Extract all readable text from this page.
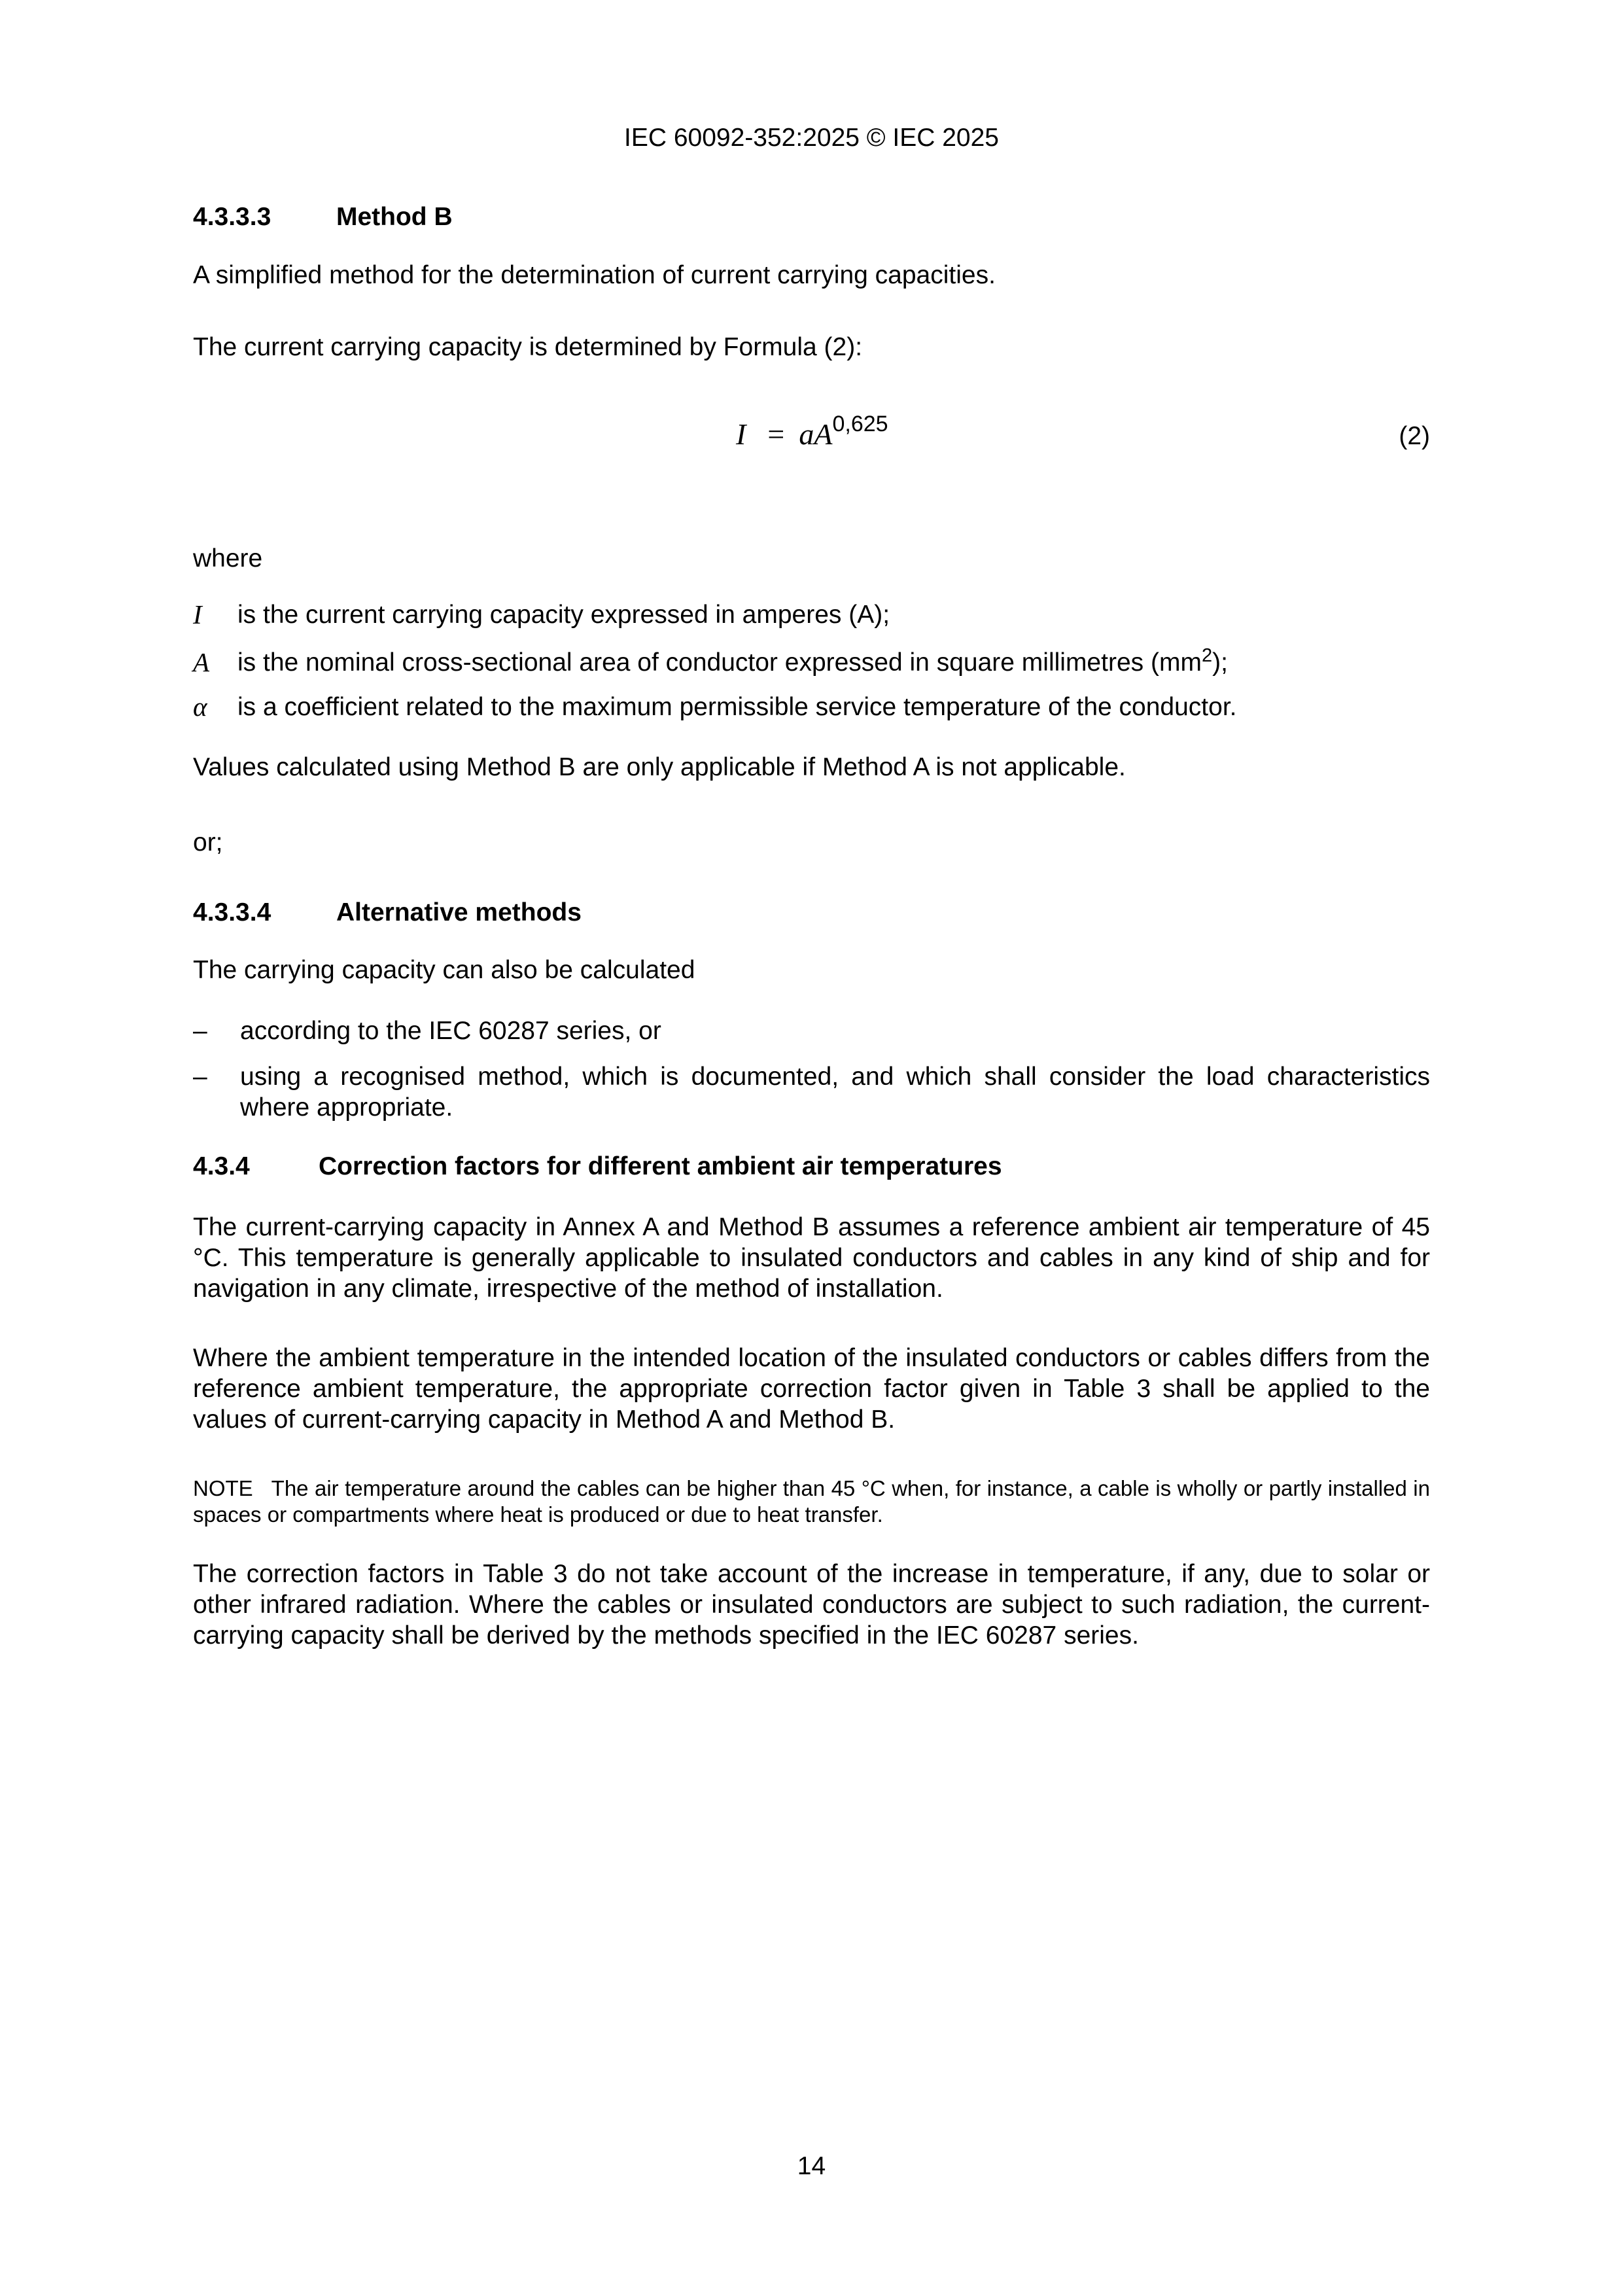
IEC 60092-352:2025 © IEC 2025
4.3.3.3	Method B

A simplified method for the determination of current carrying capacities.

The current carrying capacity is determined by Formula (2):

I = aA$^{0,625}$	(2)

where

I	is the current carrying capacity expressed in amperes (A);
A	is the nominal cross-sectional area of conductor expressed in square millimetres $(mm^2)$;
α	is a coefficient related to the maximum permissible service temperature of the conductor.

Values calculated using Method B are only applicable if Method A is not applicable.

or;

4.3.3.4	Alternative methods

The carrying capacity can also be calculated

–	according to the IEC 60287 series, or
–	using a recognised method, which is documented, and which shall consider the load characteristics where appropriate.
4.3.4	Correction factors for different ambient air temperatures

The current-carrying capacity in Annex A and Method B assumes a reference ambient air temperature of 45 °C. This temperature is generally applicable to insulated conductors and cables in any kind of ship and for navigation in any climate, irrespective of the method of installation.

Where the ambient temperature in the intended location of the insulated conductors or cables differs from the reference ambient temperature, the appropriate correction factor given in Table 3 shall be applied to the values of current-carrying capacity in Method A and Method B.

NOTE The air temperature around the cables can be higher than 45 °C when, for instance, a cable is wholly or partly installed in spaces or compartments where heat is produced or due to heat transfer.

The correction factors in Table 3 do not take account of the increase in temperature, if any, due to solar or other infrared radiation. Where the cables or insulated conductors are subject to such radiation, the current-carrying capacity shall be derived by the methods specified in the IEC 60287 series.

14
